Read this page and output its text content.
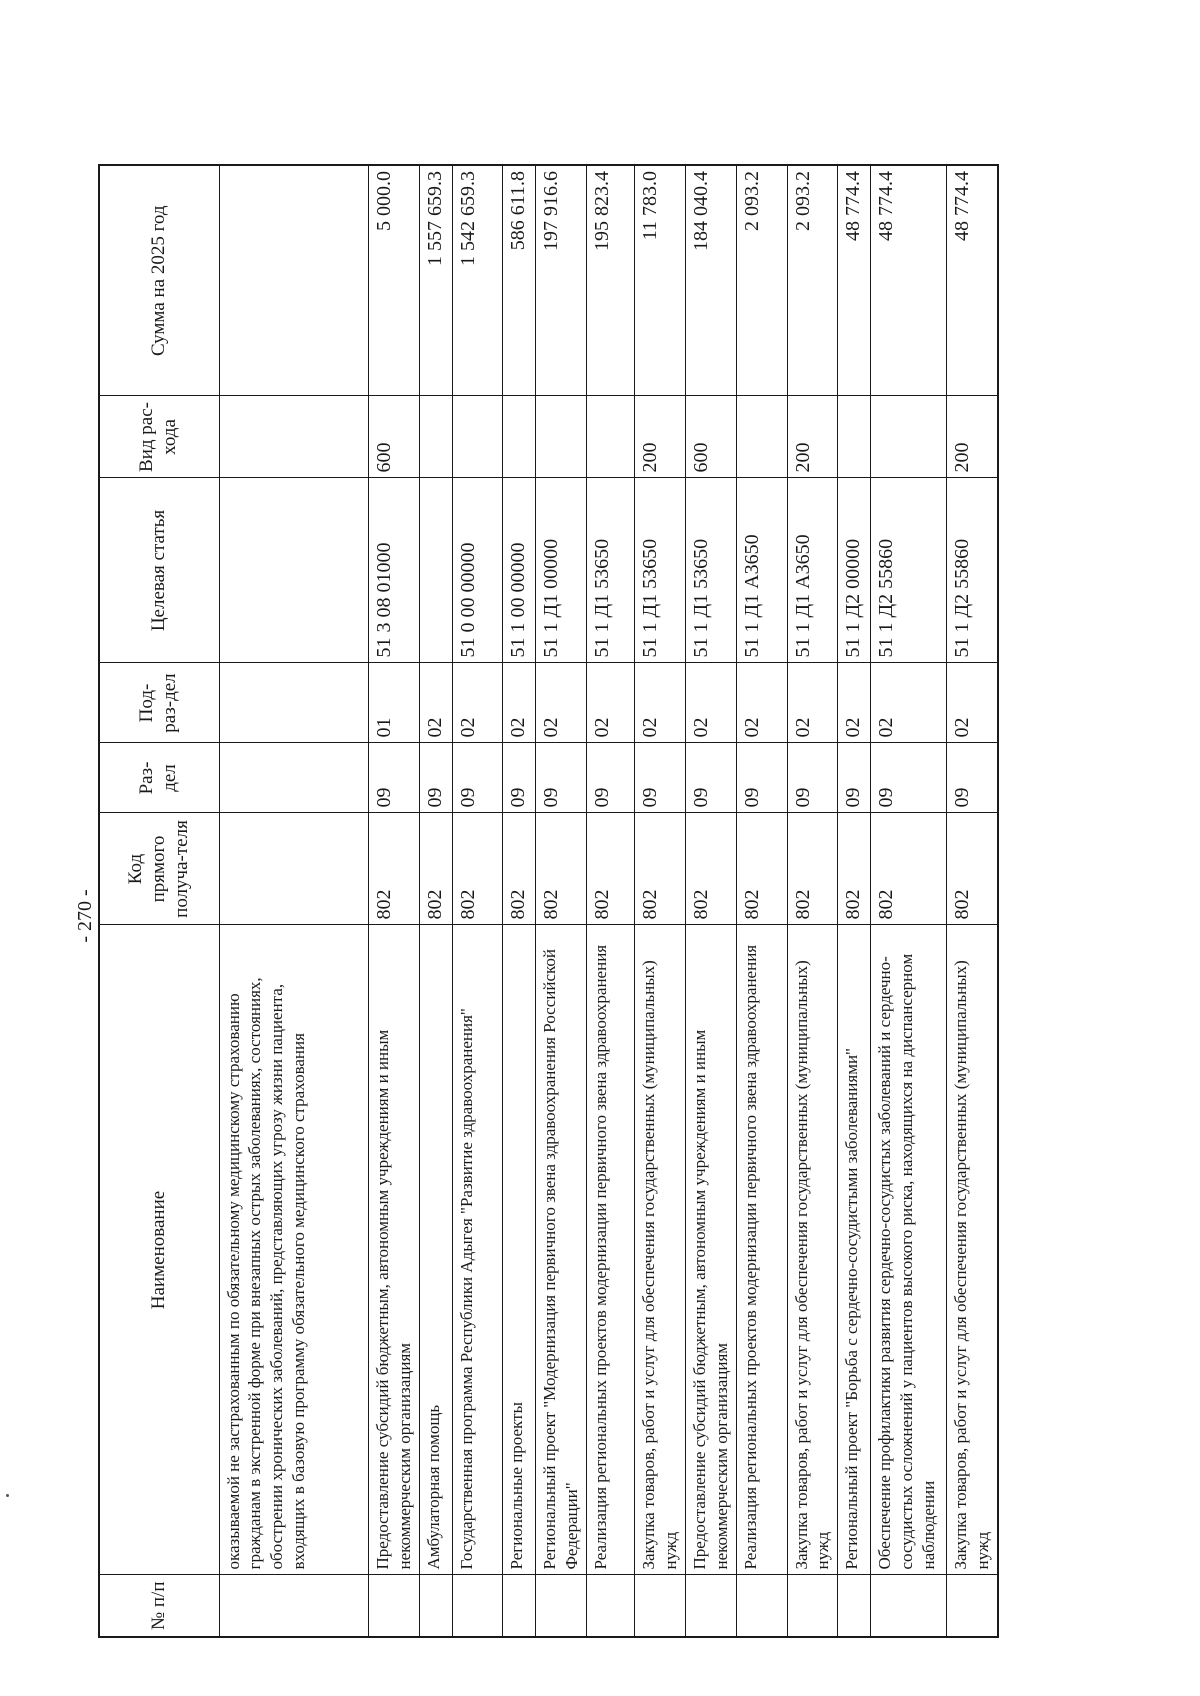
- 270 -
№ п/п	Наименование	Код прямого получа-теля	Раз-дел	Под-раз-дел	Целевая статья	Вид рас-хода	Сумма на 2025 год
	оказываемой не застрахованным по обязательному медицинскому страхованию гражданам в экстренной форме при внезапных острых заболеваниях, состояниях, обострении хронических заболеваний, представляющих угрозу жизни пациента, входящих в базовую программу обязательного медицинского страхования						
	Предоставление субсидий бюджетным, автономным учреждениям и иным некоммерческим организациям	802	09	01	51 3 08 01000	600	5 000.0
	Амбулаторная помощь	802	09	02			1 557 659.3
	Государственная программа Республики Адыгея "Развитие здравоохранения"	802	09	02	51 0 00 00000		1 542 659.3
	Региональные проекты	802	09	02	51 1 00 00000		586 611.8
	Региональный проект "Модернизация первичного звена здравоохранения Российской Федерации"	802	09	02	51 1 Д1 00000		197 916.6
	Реализация региональных проектов модернизации первичного звена здравоохранения	802	09	02	51 1 Д1 53650		195 823.4
	Закупка товаров, работ и услуг для обеспечения государственных (муниципальных) нужд	802	09	02	51 1 Д1 53650	200	11 783.0
	Предоставление субсидий бюджетным, автономным учреждениям и иным некоммерческим организациям	802	09	02	51 1 Д1 53650	600	184 040.4
	Реализация региональных проектов модернизации первичного звена здравоохранения	802	09	02	51 1 Д1 А3650		2 093.2
	Закупка товаров, работ и услуг для обеспечения государственных (муниципальных) нужд	802	09	02	51 1 Д1 А3650	200	2 093.2
	Региональный проект "Борьба с сердечно-сосудистыми заболеваниями"	802	09	02	51 1 Д2 00000		48 774.4
	Обеспечение профилактики развития сердечно-сосудистых заболеваний и сердечно-сосудистых осложнений у пациентов высокого риска, находящихся на диспансерном наблюдении	802	09	02	51 1 Д2 55860		48 774.4
	Закупка товаров, работ и услуг для обеспечения государственных (муниципальных) нужд	802	09	02	51 1 Д2 55860	200	48 774.4
